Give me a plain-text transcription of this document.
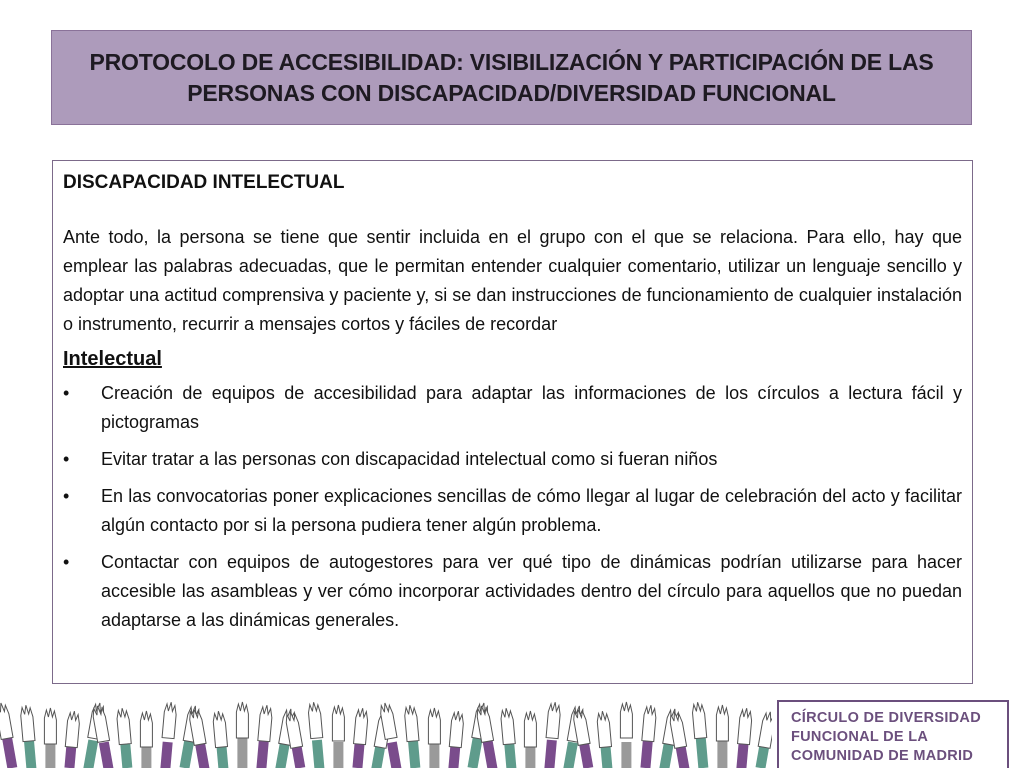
PROTOCOLO DE ACCESIBILIDAD: VISIBILIZACIÓN Y PARTICIPACIÓN DE LAS
PERSONAS CON DISCAPACIDAD/DIVERSIDAD FUNCIONAL

DISCAPACIDAD INTELECTUAL

Ante todo, la persona se tiene que sentir incluida en el grupo con el que se relaciona. Para ello, hay que emplear las palabras adecuadas, que le permitan entender cualquier comentario, utilizar un lenguaje sencillo y adoptar una actitud comprensiva y paciente y, si se dan instrucciones de funcionamiento de cualquier instalación o instrumento, recurrir a mensajes cortos y fáciles de recordar

Intelectual

• Creación de equipos de accesibilidad para adaptar las informaciones de los círculos a lectura fácil y pictogramas
• Evitar tratar a las personas con discapacidad intelectual como si fueran niños
• En las convocatorias poner explicaciones sencillas de cómo llegar al lugar de celebración del acto y facilitar algún contacto por si la persona pudiera tener algún problema.
• Contactar con equipos de autogestores para ver qué tipo de dinámicas podrían utilizarse para hacer accesible las asambleas y ver cómo incorporar actividades dentro del círculo para aquellos que no puedan adaptarse a las dinámicas generales.
CÍRCULO DE DIVERSIDAD
FUNCIONAL DE LA
COMUNIDAD DE MADRID
